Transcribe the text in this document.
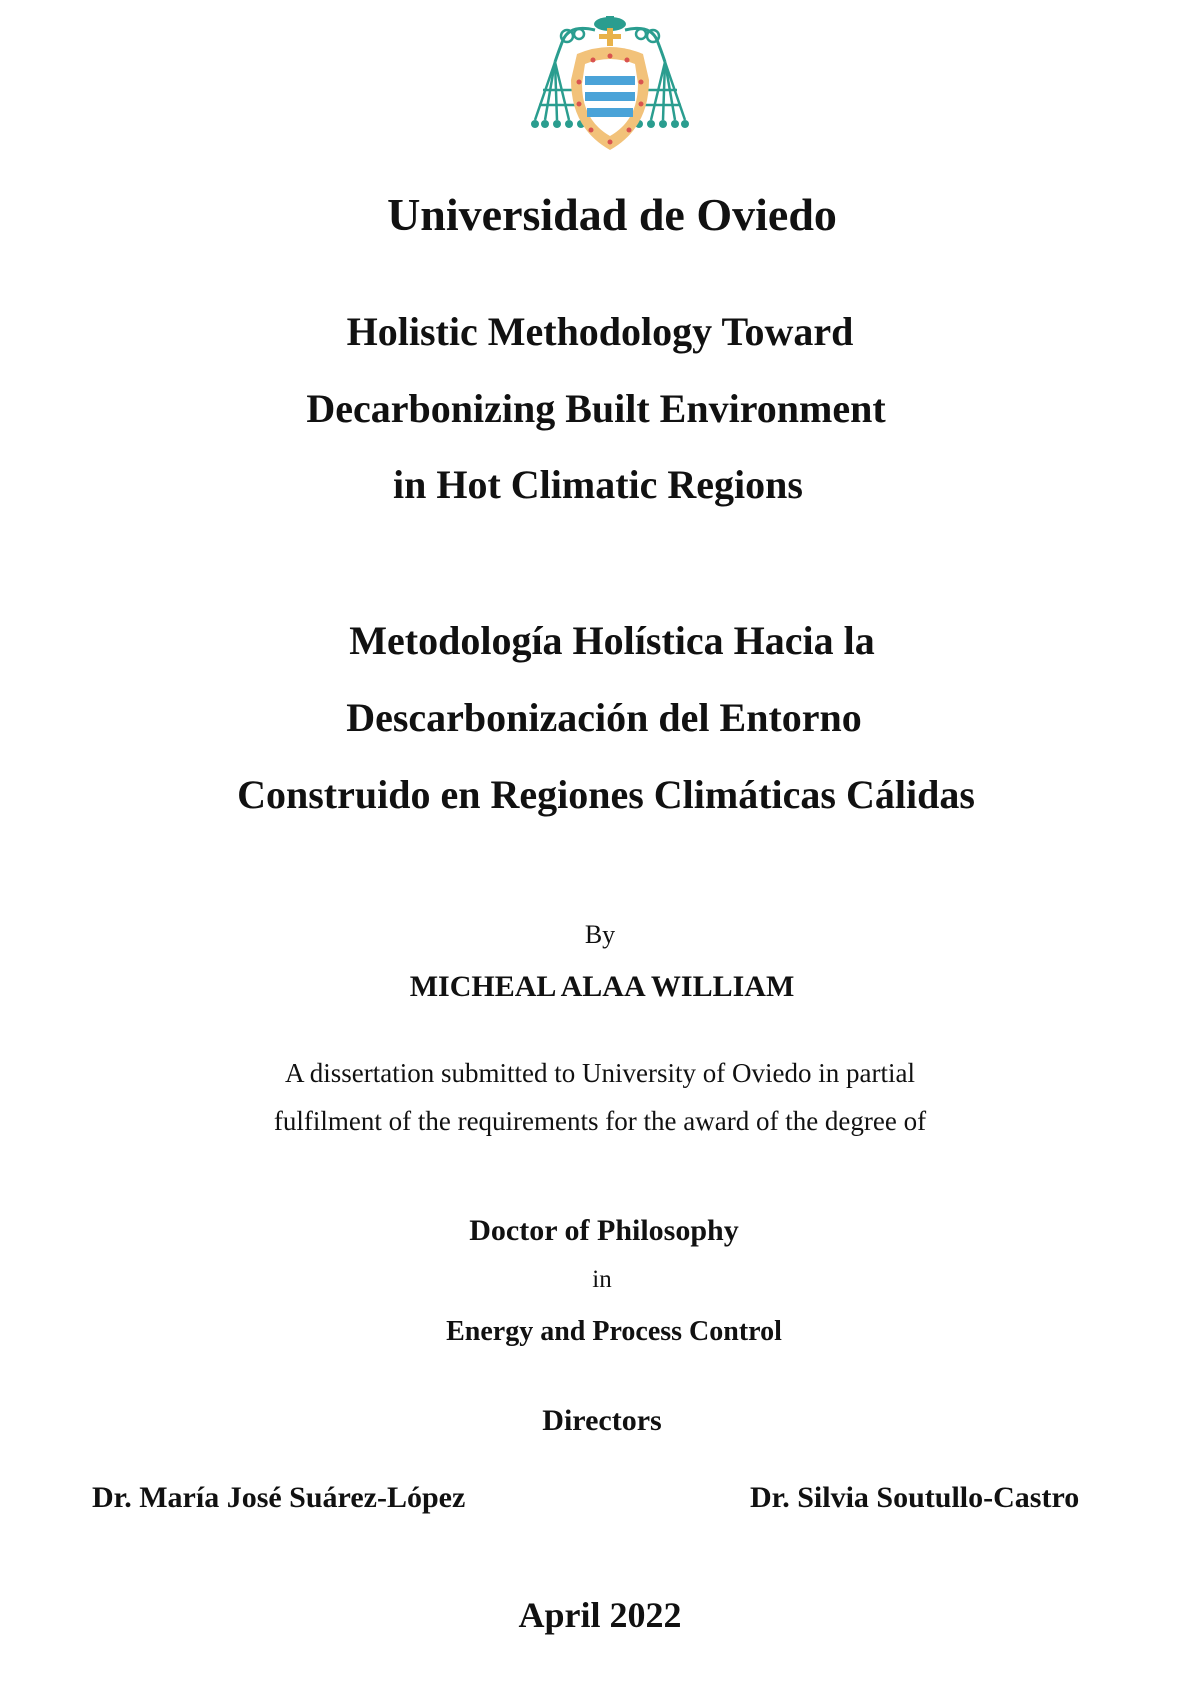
Universidad de Oviedo
Holistic Methodology Toward
Decarbonizing Built Environment
in Hot Climatic Regions
Metodología Holística Hacia la
Descarbonización del Entorno
Construido en Regiones Climáticas Cálidas
By
MICHEAL ALAA WILLIAM
A dissertation submitted to University of Oviedo in partial
fulfilment of the requirements for the award of the degree of
Doctor of Philosophy
in
Energy and Process Control
Directors
Dr. María José Suárez-López	Dr. Silvia Soutullo-Castro
April 2022
